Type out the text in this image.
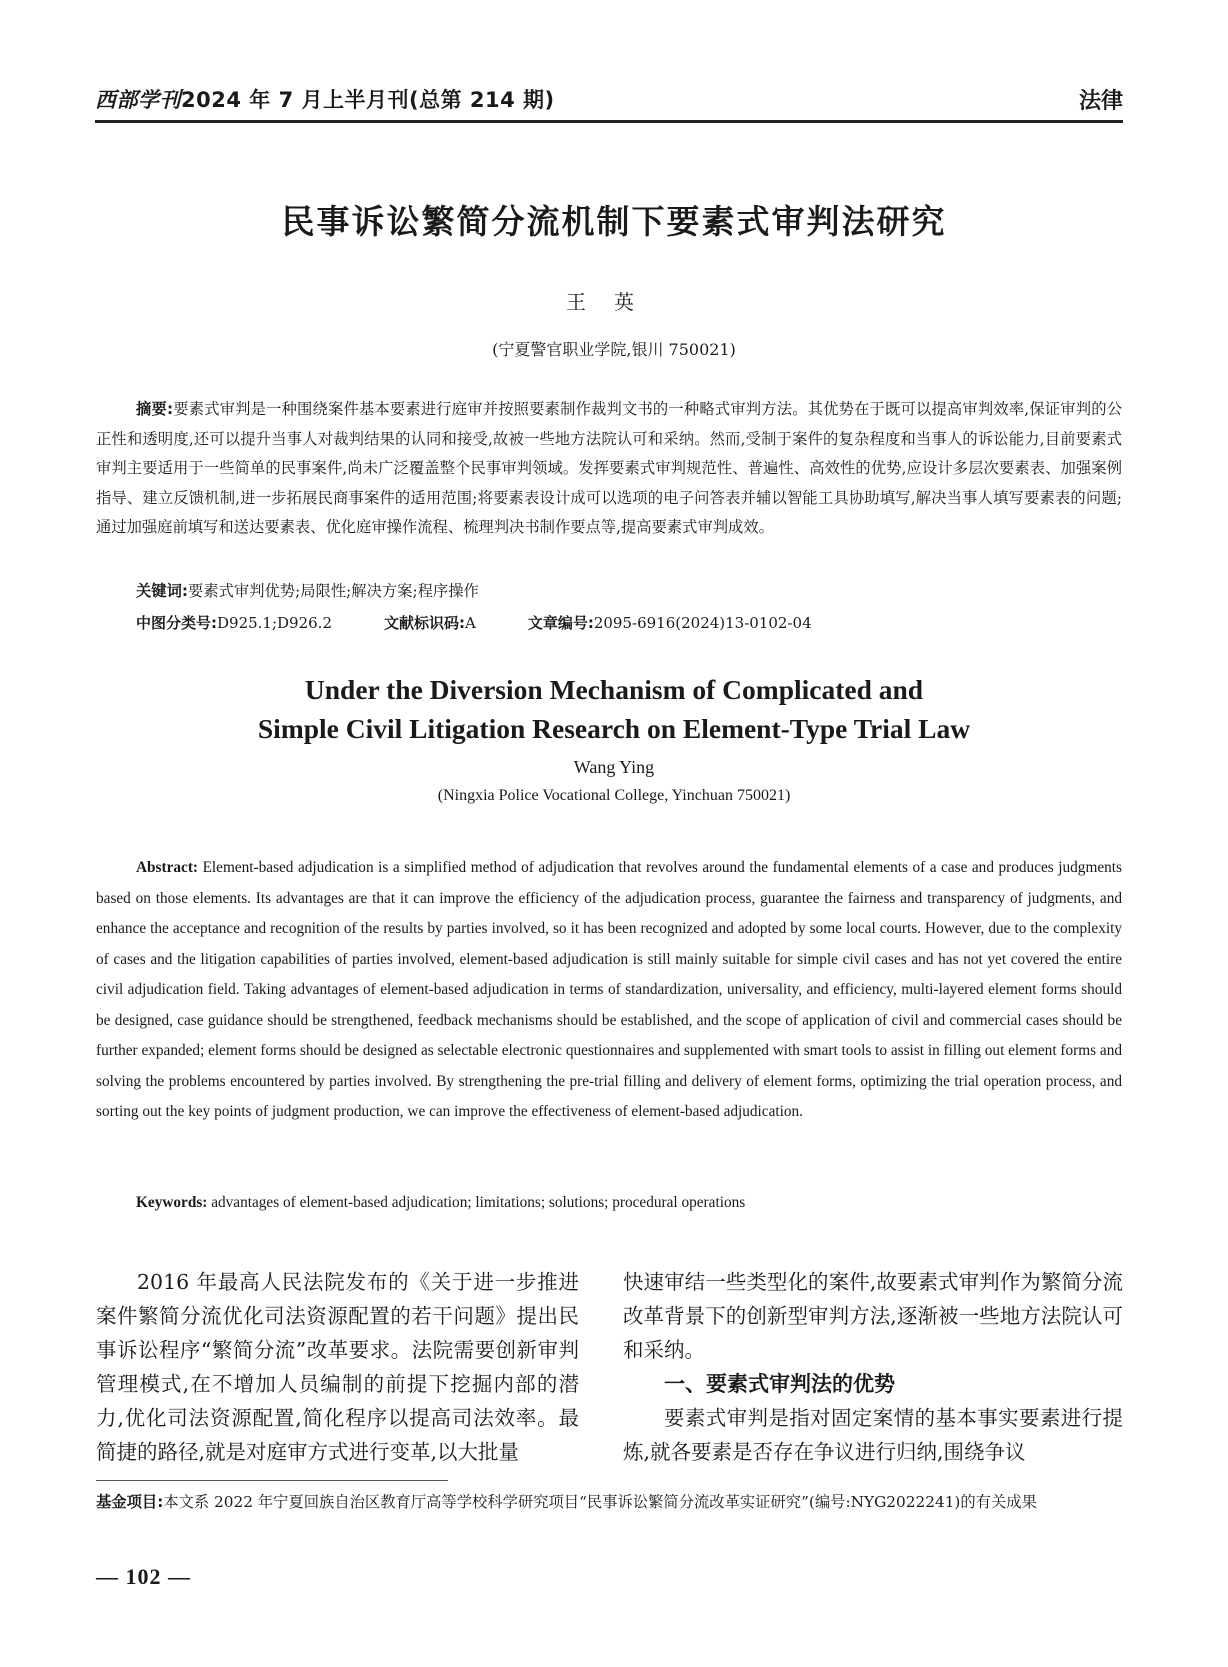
西部学刊2024 年 7 月上半月刊(总第 214 期)	法律
民事诉讼繁简分流机制下要素式审判法研究
王英
(宁夏警官职业学院,银川 750021)

摘要:要素式审判是一种围绕案件基本要素进行庭审并按照要素制作裁判文书的一种略式审判方法。其优势在于既可以提高审判效率,保证审判的公正性和透明度,还可以提升当事人对裁判结果的认同和接受,故被一些地方法院认可和采纳。然而,受制于案件的复杂程度和当事人的诉讼能力,目前要素式审判主要适用于一些简单的民事案件,尚未广泛覆盖整个民事审判领域。发挥要素式审判规范性、普遍性、高效性的优势,应设计多层次要素表、加强案例指导、建立反馈机制,进一步拓展民商事案件的适用范围;将要素表设计成可以选项的电子问答表并辅以智能工具协助填写,解决当事人填写要素表的问题;通过加强庭前填写和送达要素表、优化庭审操作流程、梳理判决书制作要点等,提高要素式审判成效。

关键词:要素式审判优势;局限性;解决方案;程序操作
中图分类号:D925.1;D926.2	文献标识码:A	文章编号:2095-6916(2024)13-0102-04
Under the Diversion Mechanism of Complicated and
Simple Civil Litigation Research on Element-Type Trial Law
Wang Ying
(Ningxia Police Vocational College, Yinchuan 750021)

Abstract: Element-based adjudication is a simplified method of adjudication that revolves around the fundamental elements of a case and produces judgments based on those elements. Its advantages are that it can improve the efficiency of the adjudication process, guarantee the fairness and transparency of judgments, and enhance the acceptance and recognition of the results by parties involved, so it has been recognized and adopted by some local courts. However, due to the complexity of cases and the litigation capabilities of parties involved, element-based adjudication is still mainly suitable for simple civil cases and has not yet covered the entire civil adjudication field. Taking advantages of element-based adjudication in terms of standardization, universality, and efficiency, multi-layered element forms should be designed, case guidance should be strengthened, feedback mechanisms should be established, and the scope of application of civil and commercial cases should be further expanded; element forms should be designed as selectable electronic questionnaires and supplemented with smart tools to assist in filling out element forms and solving the problems encountered by parties involved. By strengthening the pre-trial filling and delivery of element forms, optimizing the trial operation process, and sorting out the key points of judgment production, we can improve the effectiveness of element-based adjudication.

Keywords: advantages of element-based adjudication; limitations; solutions; procedural operations

2016 年最高人民法院发布的《关于进一步推进案件繁简分流优化司法资源配置的若干问题》提出民事诉讼程序“繁简分流”改革要求。法院需要创新审判管理模式,在不增加人员编制的前提下挖掘内部的潜力,优化司法资源配置,简化程序以提高司法效率。最简捷的路径,就是对庭审方式进行变革,以大批量

快速审结一些类型化的案件,故要素式审判作为繁简分流改革背景下的创新型审判方法,逐渐被一些地方法院认可和采纳。

一、要素式审判法的优势

要素式审判是指对固定案情的基本事实要素进行提炼,就各要素是否存在争议进行归纳,围绕争议

基金项目:本文系 2022 年宁夏回族自治区教育厅高等学校科学研究项目“民事诉讼繁简分流改革实证研究”(编号:NYG2022241)的有关成果

— 102 —
